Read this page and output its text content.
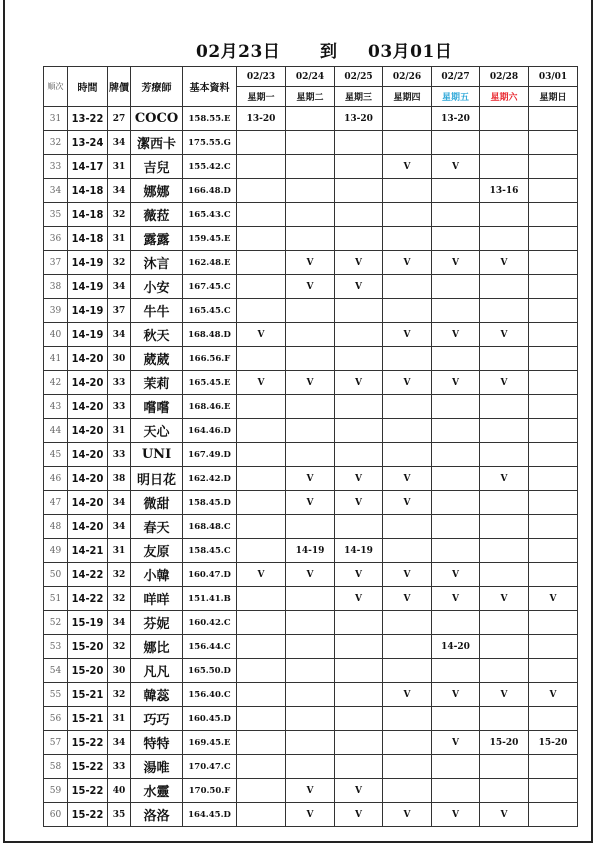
02月23日 到 03月01日
順次	時間	牌價	芳療師	基本資料	02/23	02/24	02/25	02/26	02/27	02/28	03/01
					星期一	星期二	星期三	星期四	星期五	星期六	星期日
31	13-22	27	COCO	158.55.E	13-20		13-20		13-20		
32	13-24	34	潔西卡	175.55.G							
33	14-17	31	吉兒	155.42.C				V	V		
34	14-18	34	娜娜	166.48.D						13-16	
35	14-18	32	薇菈	165.43.C							
36	14-18	31	露露	159.45.E							
37	14-19	32	沐言	162.48.E		V	V	V	V	V	
38	14-19	34	小安	167.45.C		V	V				
39	14-19	37	牛牛	165.45.C							
40	14-19	34	秋天	168.48.D	V			V	V	V	
41	14-20	30	葳葳	166.56.F							
42	14-20	33	茉莉	165.45.E	V	V	V	V	V	V	
43	14-20	33	嚐嚐	168.46.E							
44	14-20	31	天心	164.46.D							
45	14-20	33	UNI	167.49.D							
46	14-20	38	明日花	162.42.D		V	V	V		V	
47	14-20	34	微甜	158.45.D		V	V	V			
48	14-20	34	春天	168.48.C							
49	14-21	31	友原	158.45.C		14-19	14-19				
50	14-22	32	小韓	160.47.D	V	V	V	V	V		
51	14-22	32	咩咩	151.41.B			V	V	V	V	V
52	15-19	34	芬妮	160.42.C							
53	15-20	32	娜比	156.44.C					14-20		
54	15-20	30	凡凡	165.50.D							
55	15-21	32	韓蕊	156.40.C				V	V	V	V
56	15-21	31	巧巧	160.45.D							
57	15-22	34	特特	169.45.E					V	15-20	15-20
58	15-22	33	湯唯	170.47.C							
59	15-22	40	水靈	170.50.F		V	V				
60	15-22	35	洛洛	164.45.D		V	V	V	V	V	
